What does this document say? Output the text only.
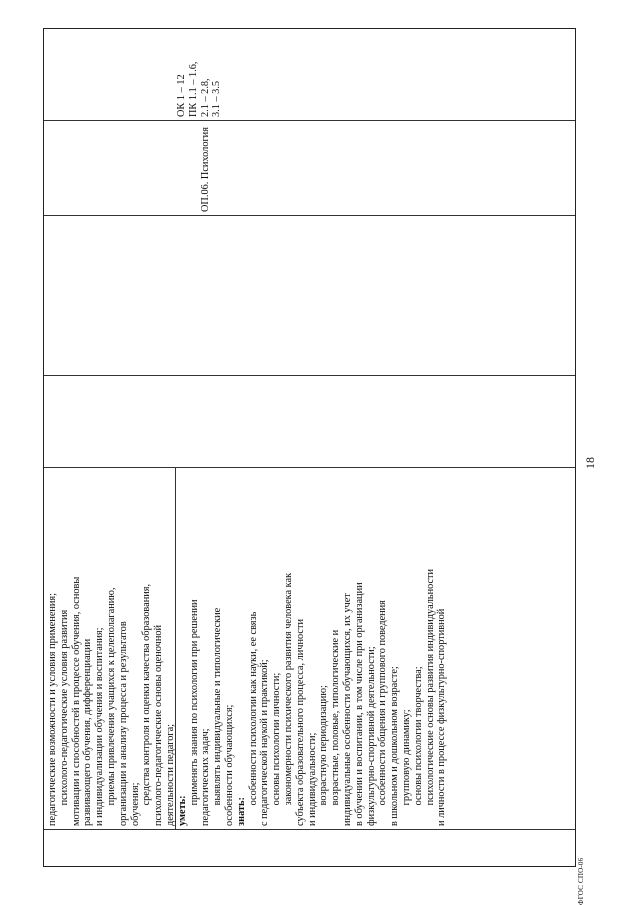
18
ФГОС СПО-06
педагогические возможности и условия применения; психолого-педагогические условия развития мотивации и способностей в процессе обучения, основы развивающего обучения, дифференциации и индивидуализации обучения и воспитания; приемы привлечения учащихся к целеполаганию, организации и анализу процесса и результатов обучения; средства контроля и оценки качества образования, психолого-педагогические основы оценочной деятельности педагога; уметь: применять знания по психологии при решении педагогических задач; выявлять индивидуальные и типологические особенности обучающихся; знать: особенности психологии как науки, ее связь с педагогической наукой и практикой; основы психологии личности; закономерности психического развития человека как субъекта образовательного процесса, личности и индивидуальности; возрастную периодизацию; возрастные, половые, типологические и индивидуальные особенности обучающихся, их учет в обучении и воспитании, в том числе при организации физкультурно-спортивной деятельности; особенности общения и группового поведения в школьном и дошкольном возрасте; групповую динамику; основы психологии творчества; психологические основы развития индивидуальности и личности в процессе физкультурно-спортивной

ОП.06. Психология

ОК 1 – 12 ПК 1.1 – 1.6, 2.1 – 2.8, 3.1 – 3.5
